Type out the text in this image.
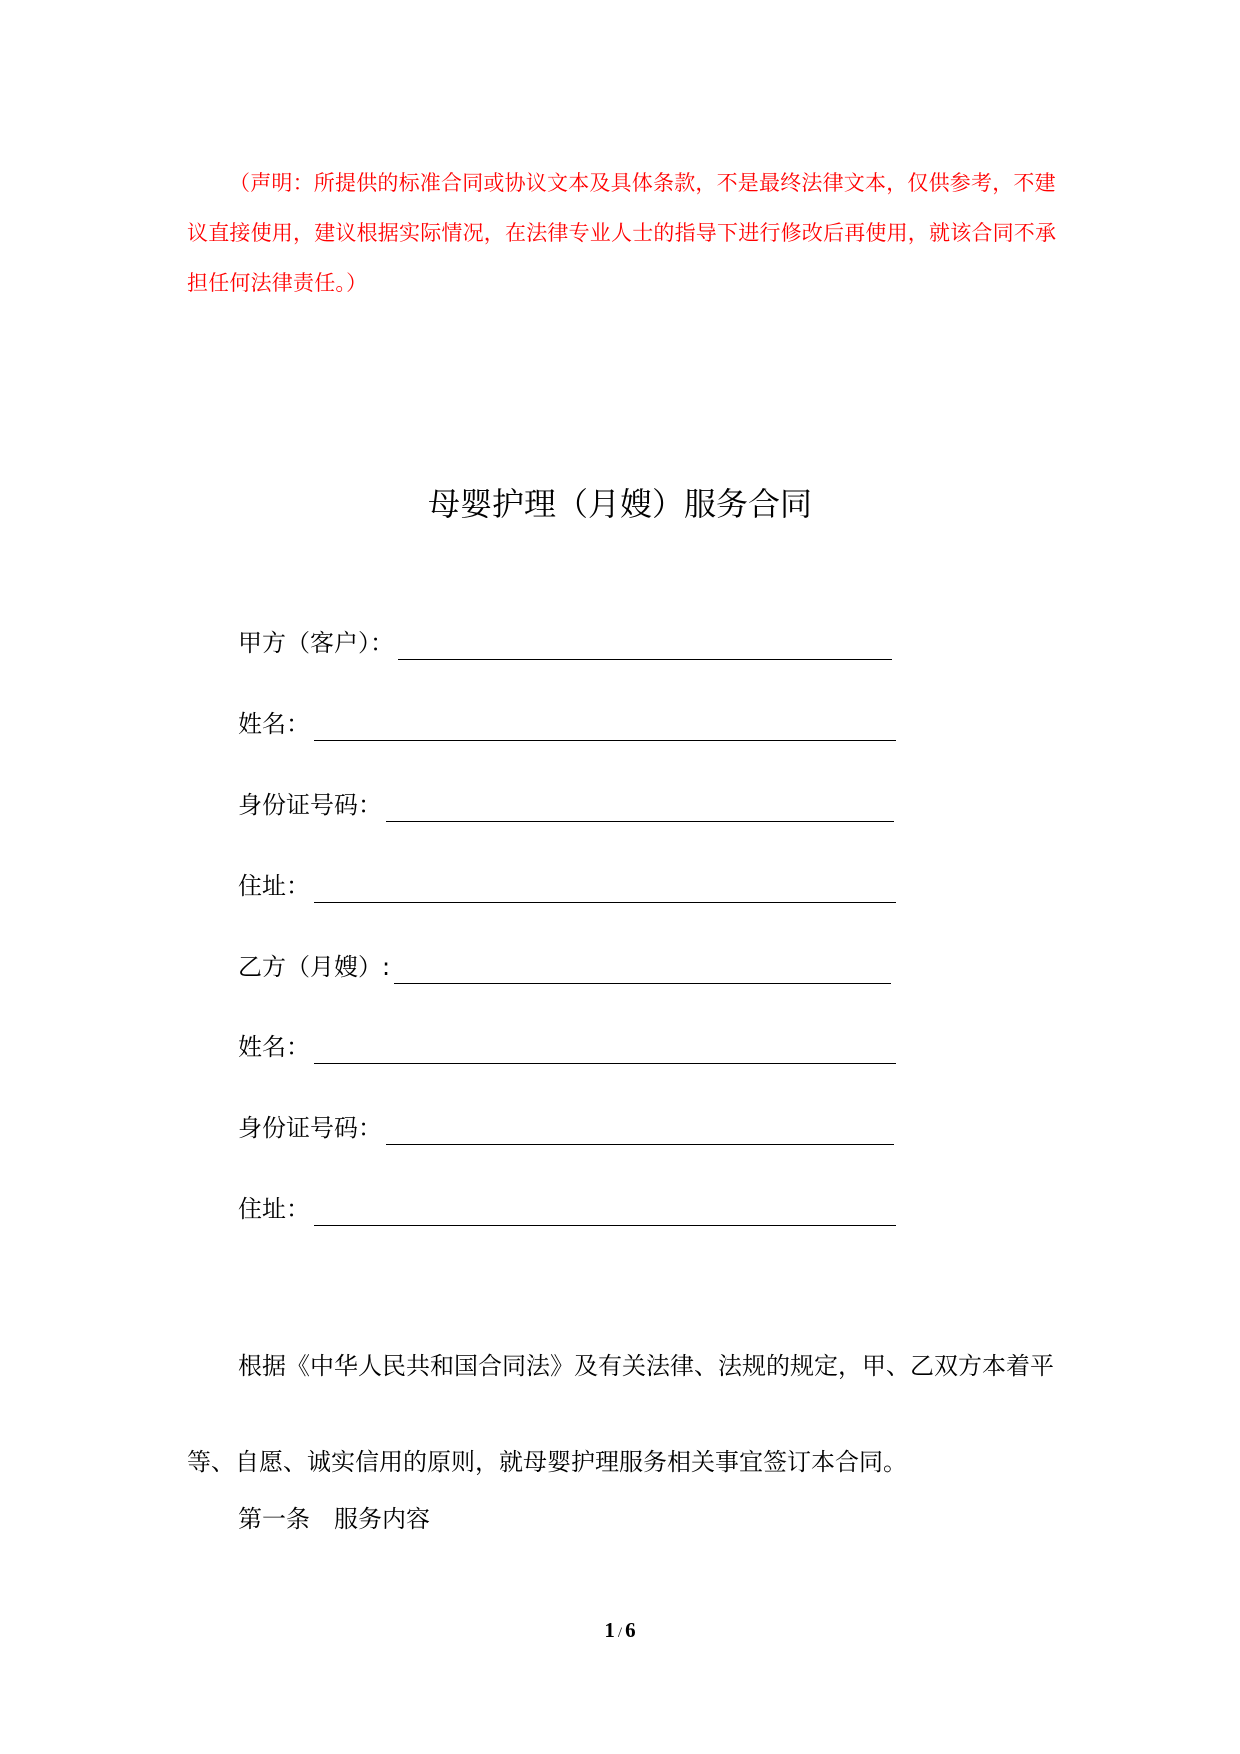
（声明：所提供的标准合同或协议文本及具体条款，不是最终法律文本，仅供参考，不建议直接使用，建议根据实际情况，在法律专业人士的指导下进行修改后再使用，就该合同不承担任何法律责任。）

母婴护理（月嫂）服务合同
甲方（客户）：
姓名：
身份证号码：
住址：
乙方（月嫂）:
姓名：
身份证号码：
住址：

根据《中华人民共和国合同法》及有关法律、法规的规定，甲、乙双方本着平等、自愿、诚实信用的原则，就母婴护理服务相关事宜签订本合同。

第一条　服务内容
1 / 6
